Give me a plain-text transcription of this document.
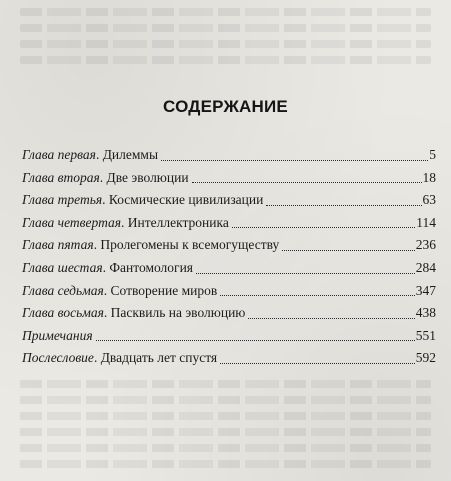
СОДЕРЖАНИЕ
Глава первая . Дилеммы	5
Глава вторая . Две эволюции	18
Глава третья . Космические цивилизации	63
Глава четвертая . Интеллектроника	114
Глава пятая . Пролегомены к всемогуществу	236
Глава шестая . Фантомология	284
Глава седьмая . Сотворение миров	347
Глава восьмая . Пасквиль на эволюцию	438
Примечания	551
Послесловие . Двадцать лет спустя	592
